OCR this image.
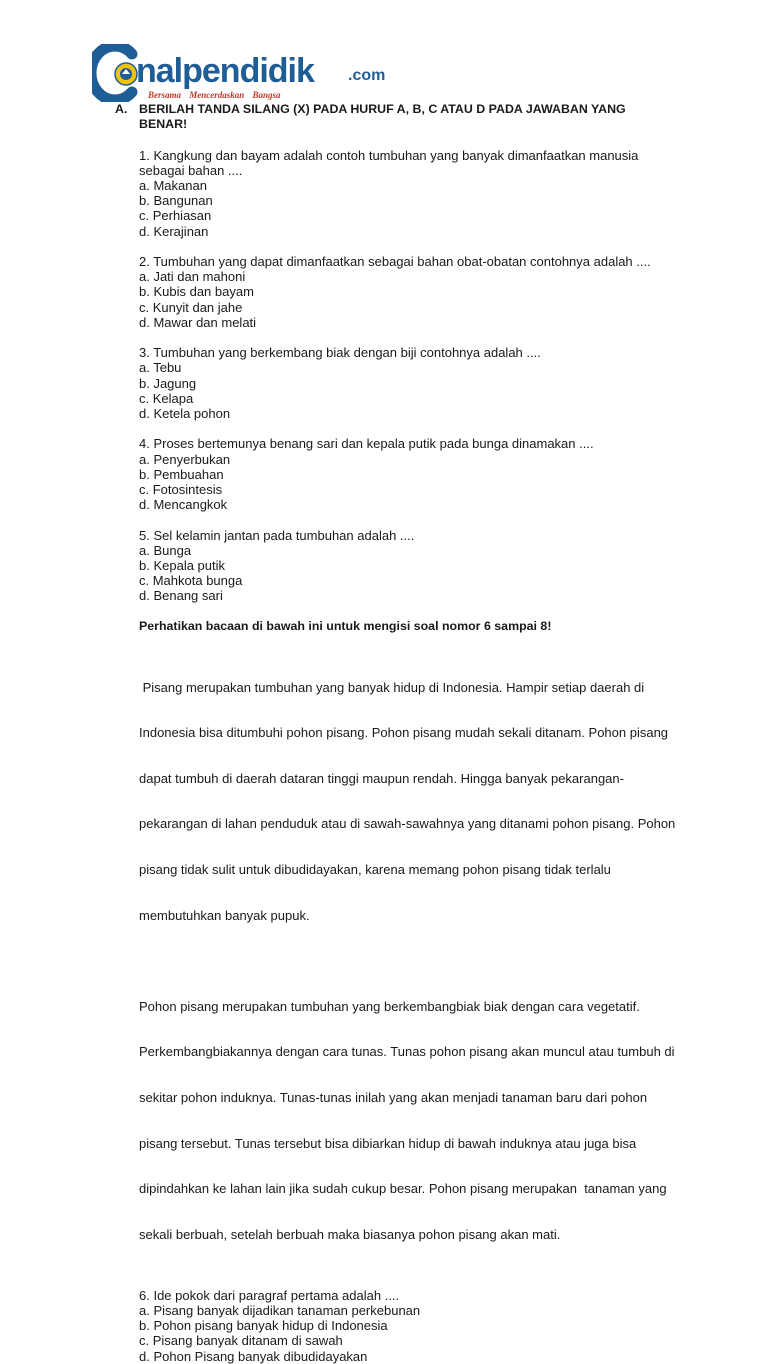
nalpendidik .com
Bersama Mencerdaskan Bangsa
A. BERILAH TANDA SILANG (X) PADA HURUF A, B, C ATAU D PADA JAWABAN YANG
BENAR!
1. Kangkung dan bayam adalah contoh tumbuhan yang banyak dimanfaatkan manusia
sebagai bahan ....
a. Makanan
b. Bangunan
c. Perhiasan
d. Kerajinan
2. Tumbuhan yang dapat dimanfaatkan sebagai bahan obat-obatan contohnya adalah ....
a. Jati dan mahoni
b. Kubis dan bayam
c. Kunyit dan jahe
d. Mawar dan melati
3. Tumbuhan yang berkembang biak dengan biji contohnya adalah ....
a. Tebu
b. Jagung
c. Kelapa
d. Ketela pohon
4. Proses bertemunya benang sari dan kepala putik pada bunga dinamakan ....
a. Penyerbukan
b. Pembuahan
c. Fotosintesis
d. Mencangkok
5. Sel kelamin jantan pada tumbuhan adalah ....
a. Bunga
b. Kepala putik
c. Mahkota bunga
d. Benang sari
Perhatikan bacaan di bawah ini untuk mengisi soal nomor 6 sampai 8!

Pisang merupakan tumbuhan yang banyak hidup di Indonesia. Hampir setiap daerah di

Indonesia bisa ditumbuhi pohon pisang. Pohon pisang mudah sekali ditanam. Pohon pisang

dapat tumbuh di daerah dataran tinggi maupun rendah. Hingga banyak pekarangan-

pekarangan di lahan penduduk atau di sawah-sawahnya yang ditanami pohon pisang. Pohon

pisang tidak sulit untuk dibudidayakan, karena memang pohon pisang tidak terlalu

membutuhkan banyak pupuk.

Pohon pisang merupakan tumbuhan yang berkembangbiak biak dengan cara vegetatif.

Perkembangbiakannya dengan cara tunas. Tunas pohon pisang akan muncul atau tumbuh di

sekitar pohon induknya. Tunas-tunas inilah yang akan menjadi tanaman baru dari pohon

pisang tersebut. Tunas tersebut bisa dibiarkan hidup di bawah induknya atau juga bisa

dipindahkan ke lahan lain jika sudah cukup besar. Pohon pisang merupakan  tanaman yang

sekali berbuah, setelah berbuah maka biasanya pohon pisang akan mati.

6. Ide pokok dari paragraf pertama adalah ....
a. Pisang banyak dijadikan tanaman perkebunan
b. Pohon pisang banyak hidup di Indonesia
c. Pisang banyak ditanam di sawah
d. Pohon Pisang banyak dibudidayakan
